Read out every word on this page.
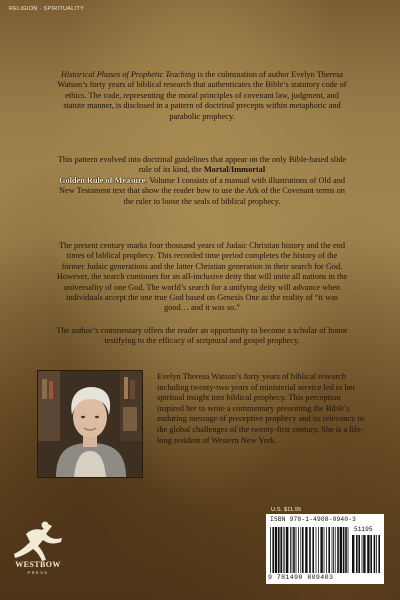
RELIGION · SPIRITUALITY

Historical Phases of Prophetic Teaching is the culmination of author Evelyn Theresa Watson’s forty years of biblical research that authenticates the Bible’s statutory code of ethics. The code, representing the moral principles of covenant law, judgment, and statute manner, is disclosed in a pattern of doctrinal precepts within metaphoric and parabolic prophecy.

This pattern evolved into doctrinal guidelines that appear on the only Bible-based slide rule of its kind, the Mortal/Immortal
Golden Rule of Measure. Volume I consists of a manual with illustrations of Old and New Testament text that show the reader how to use the Ark of the Covenant terms on the ruler to loose the seals of biblical prophecy.

The present century marks four thousand years of Judaic Christian history and the end times of biblical prophecy. This recorded time period completes the history of the former Judaic generations and the latter Christian generation in their search for God. However, the search continues for an all-inclusive deity that will unite all nations in the universality of one God. The world’s search for a unifying deity will advance when individuals accept the one true God based on Genesis One as the reality of “it was good… and it was so.”

The author’s commentary offers the reader an opportunity to become a scholar of honor testifying to the efficacy of scriptural and gospel prophecy.

Evelyn Theresa Watson’s forty years of biblical research including twenty-two years of ministerial service led to her spiritual insight into biblical prophecy. This perception inspired her to write a commentary presenting the Bible’s enduring message of preceptive prophecy and its relevancy to the global challenges of the twenty-first century. She is a life-long resident of Western New York.

WESTBOW
PRESS
U.S. $11.95
ISBN 978-1-4908-0940-3
51195
9 781490 809403
